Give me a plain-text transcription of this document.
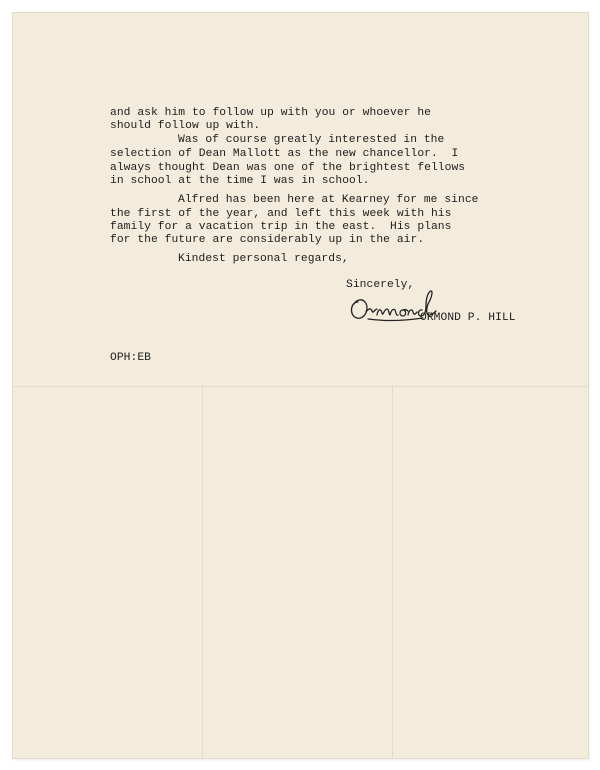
and ask him to follow up with you or whoever he
should follow up with.
Was of course greatly interested in the
selection of Dean Mallott as the new chancellor.  I
always thought Dean was one of the brightest fellows
in school at the time I was in school.
Alfred has been here at Kearney for me since
the first of the year, and left this week with his
family for a vacation trip in the east.  His plans
for the future are considerably up in the air.
Kindest personal regards,
Sincerely,
ORMOND P. HILL
OPH:EB
